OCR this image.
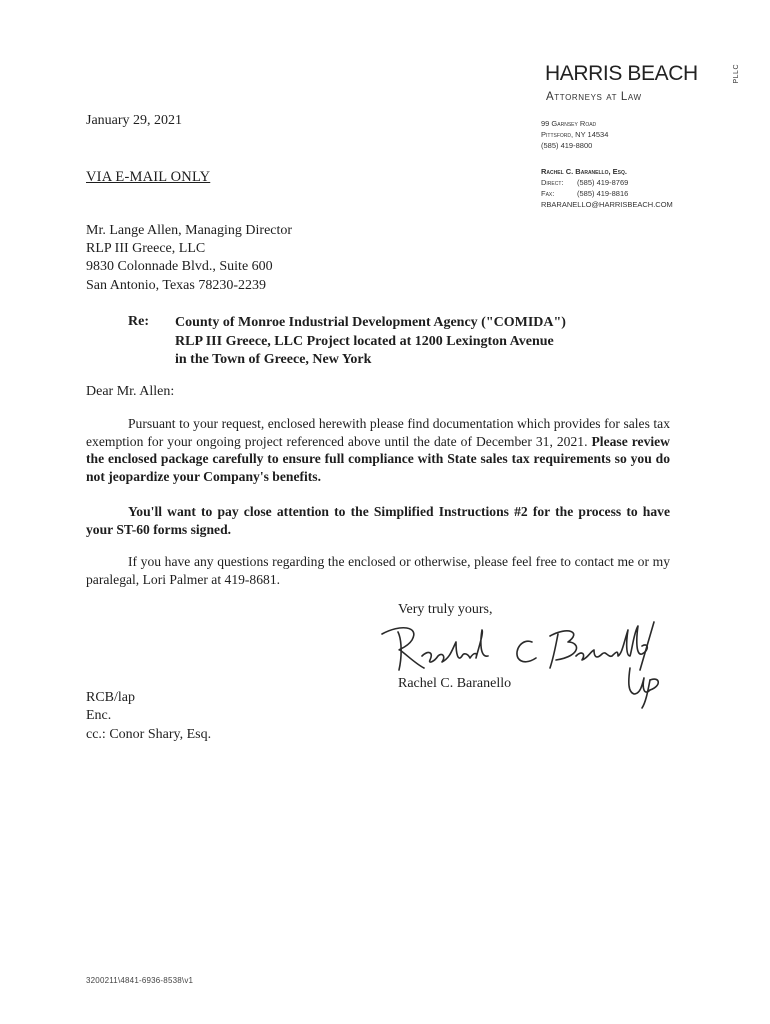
HARRIS BEACH	PLLC
Attorneys at Law
99 Garnsey Road
Pittsford, NY 14534
(585) 419-8800
Rachel C. Baranello, Esq.
Direct: (585) 419-8769
Fax:	(585) 419-8816
RBARANELLO@HARRISBEACH.COM
January 29, 2021
VIA E-MAIL ONLY
Mr. Lange Allen, Managing Director
RLP III Greece, LLC
9830 Colonnade Blvd., Suite 600
San Antonio, Texas 78230-2239
Re: County of Monroe Industrial Development Agency ("COMIDA")
RLP III Greece, LLC Project located at 1200 Lexington Avenue
in the Town of Greece, New York
Dear Mr. Allen:
Pursuant to your request, enclosed herewith please find documentation which provides for sales tax exemption for your ongoing project referenced above until the date of December 31, 2021. Please review the enclosed package carefully to ensure full compliance with State sales tax requirements so you do not jeopardize your Company's benefits.
You'll want to pay close attention to the Simplified Instructions #2 for the process to have your ST-60 forms signed.
If you have any questions regarding the enclosed or otherwise, please feel free to contact me or my paralegal, Lori Palmer at 419-8681.
Very truly yours,
Rachel C. Baranello
RCB/lap
Enc.
cc.: Conor Shary, Esq.
3200211\4841-6936-8538\v1
